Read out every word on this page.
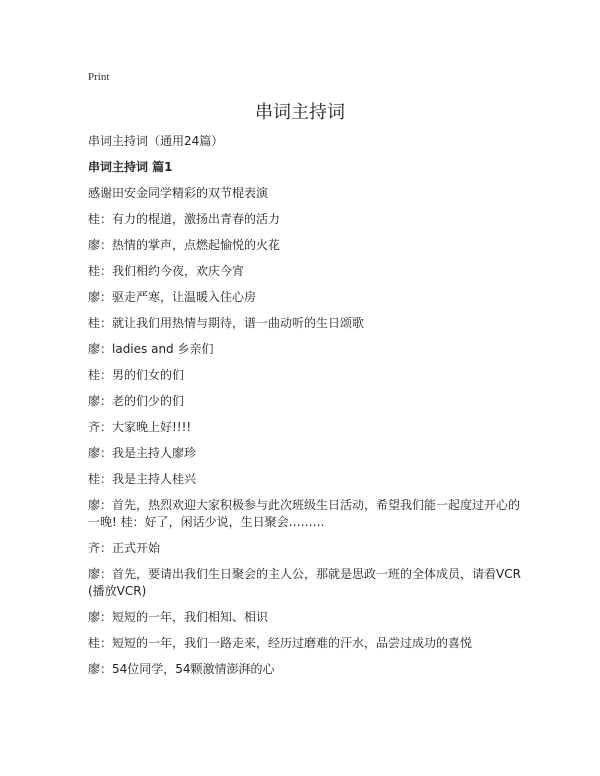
Print
串词主持词

串词主持词（通用24篇）

串词主持词 篇1

感谢田安金同学精彩的双节棍表演

桂：有力的棍道，激扬出青春的活力

廖：热情的掌声，点燃起愉悦的火花

桂：我们相约今夜，欢庆今宵

廖：驱走严寒，让温暖入住心房

桂：就让我们用热情与期待，谱一曲动听的生日颂歌

廖：ladies and 乡亲们

桂：男的们女的们

廖：老的们少的们

齐：大家晚上好!!!!

廖：我是主持人廖珍

桂：我是主持人桂兴

廖：首先，热烈欢迎大家积极参与此次班级生日活动，希望我们能一起度过开心的一晚! 桂：好了，闲话少说，生日聚会………

齐：正式开始

廖：首先，要请出我们生日聚会的主人公，那就是思政一班的全体成员，请看VCR (播放VCR)

廖：短短的一年，我们相知、相识

桂：短短的一年，我们一路走来，经历过磨难的汗水，品尝过成功的喜悦

廖：54位同学，54颗激情澎湃的心
